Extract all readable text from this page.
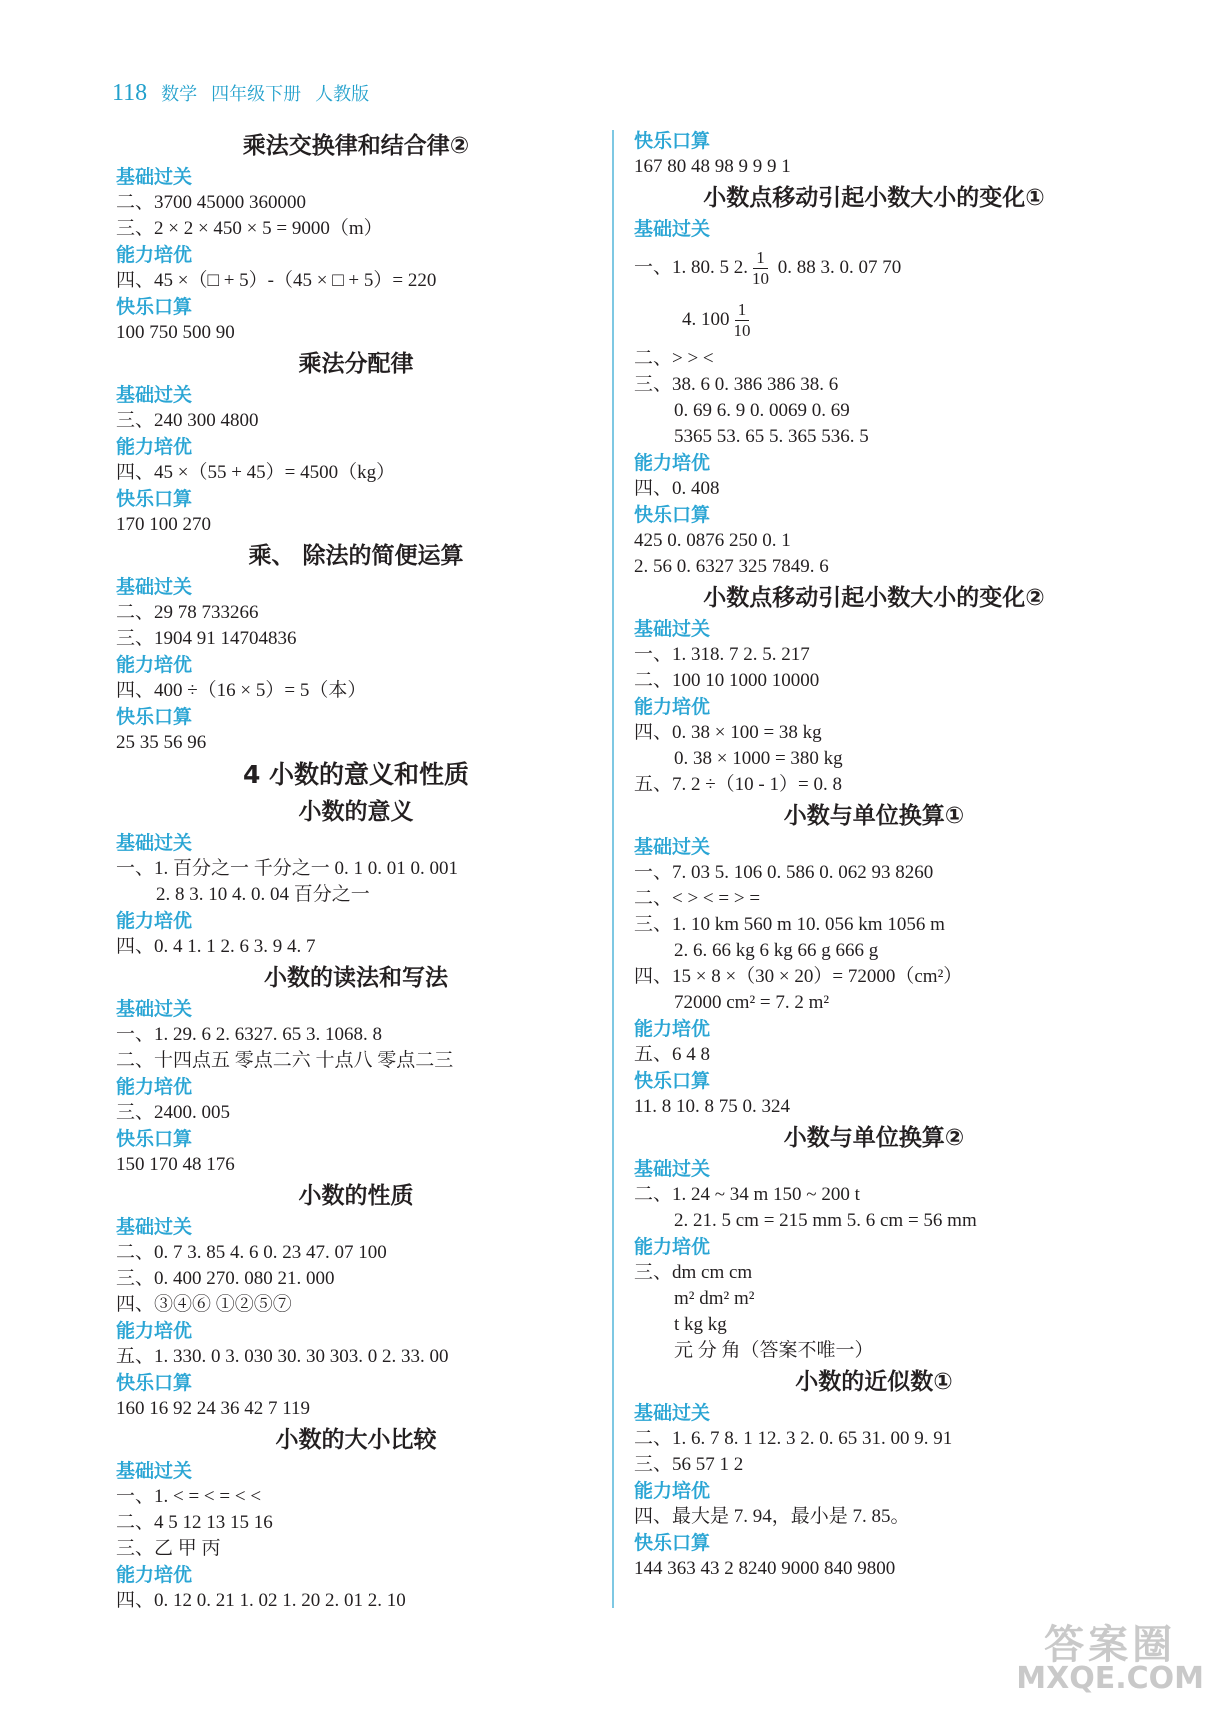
118 数学 四年级下册 人教版
乘法交换律和结合律②
基础过关
二、3700 45000 360000
三、2 × 2 × 450 × 5 = 9000（m）
能力培优
四、45 ×（□ + 5）-（45 × □ + 5）= 220
快乐口算
100 750 500 90
乘法分配律
基础过关
三、240 300 4800
能力培优
四、45 ×（55 + 45）= 4500（kg）
快乐口算
170 100 270
乘、 除法的简便运算
基础过关
二、29 78 733266
三、1904 91 14704836
能力培优
四、400 ÷（16 × 5）= 5（本）
快乐口算
25 35 56 96
4 小数的意义和性质
小数的意义
基础过关
一、1. 百分之一 千分之一 0. 1 0. 01 0. 001
2. 8 3. 10 4. 0. 04 百分之一
能力培优
四、0. 4 1. 1 2. 6 3. 9 4. 7
小数的读法和写法
基础过关
一、1. 29. 6 2. 6327. 65 3. 1068. 8
二、十四点五 零点二六 十点八 零点二三
能力培优
三、2400. 005
快乐口算
150 170 48 176
小数的性质
基础过关
二、0. 7 3. 85 4. 6 0. 23 47. 07 100
三、0. 400 270. 080 21. 000
四、③④⑥ ①②⑤⑦
能力培优
五、1. 330. 0 3. 030 30. 30 303. 0 2. 33. 00
快乐口算
160 16 92 24 36 42 7 119
小数的大小比较
基础过关
一、1. < = < = < <
二、4 5 12 13 15 16
三、乙 甲 丙
能力培优
四、0. 12 0. 21 1. 02 1. 20 2. 01 2. 10
快乐口算
167 80 48 98 9 9 9 1
小数点移动引起小数大小的变化①
基础过关
一、1. 80. 5 2. $\frac{1}{10} 0$. 88 3. 0. 07 70
4. $100 \frac{1}{10}$
二、> > <
三、38. 6 0. 386 386 38. 6
0. 69 6. 9 0. 0069 0. 69
5365 53. 65 5. 365 536. 5
能力培优
四、0. 408
快乐口算
425 0. 0876 250 0. 1
2. 56 0. 6327 325 7849. 6
小数点移动引起小数大小的变化②
基础过关
一、1. 318. 7 2. 5. 217
二、100 10 1000 10000
能力培优
四、0. 38 × 100 = 38 kg
0. 38 × 1000 = 380 kg
五、7. 2 ÷（10 - 1）= 0. 8
小数与单位换算①
基础过关
一、7. 03 5. 106 0. 586 0. 062 93 8260
二、< > < = > =
三、1. 10 km 560 m 10. 056 km 1056 m
2. 6. 66 kg 6 kg 66 g 666 g
四、15 × 8 ×（30 × 20）= 72000（cm²）
72000 cm² = 7. 2 m²
能力培优
五、6 4 8
快乐口算
11. 8 10. 8 75 0. 324
小数与单位换算②
基础过关
二、1. 24 ~ 34 m 150 ~ 200 t
2. 21. 5 cm = 215 mm 5. 6 cm = 56 mm
能力培优
三、dm cm cm
m² dm² m²
t kg kg
元 分 角（答案不唯一）
小数的近似数①
基础过关
二、1. 6. 7 8. 1 12. 3 2. 0. 65 31. 00 9. 91
三、56 57 1 2
能力培优
四、最大是 7. 94，最小是 7. 85。
快乐口算
144 363 43 2 8240 9000 840 9800
答案圈
MXQE.COM
